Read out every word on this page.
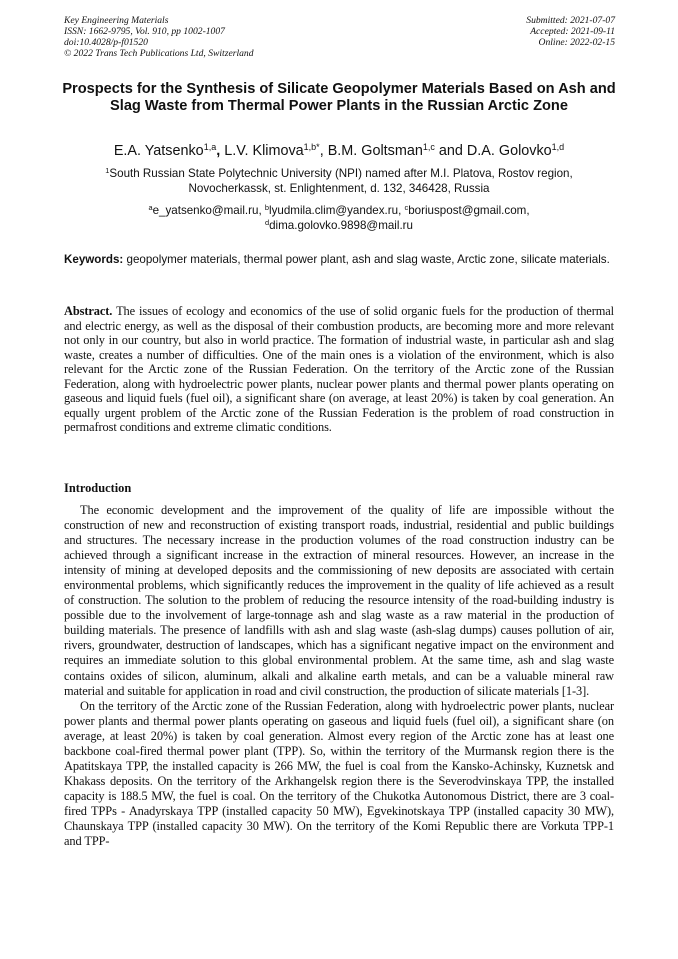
Key Engineering Materials
ISSN: 1662-9795, Vol. 910, pp 1002-1007
doi:10.4028/p-f01520
© 2022 Trans Tech Publications Ltd, Switzerland
Submitted: 2021-07-07
Accepted: 2021-09-11
Online: 2022-02-15
Prospects for the Synthesis of Silicate Geopolymer Materials Based on Ash and Slag Waste from Thermal Power Plants in the Russian Arctic Zone
E.A. Yatsenko$^{1,a}$, L.V. Klimova$^{1,b*}$, B.M. Goltsman$^{1,c}$ and D.A. Golovko$^{1,d}$
$^1$South Russian State Polytechnic University (NPI) named after M.I. Platova, Rostov region, Novocherkassk, st. Enlightenment, d. 132, 346428, Russia
$^a$e_yatsenko@mail.ru, $^b$lyudmila.clim@yandex.ru, $^c$boriuspost@gmail.com,
$^d$dima.golovko.9898@mail.ru
Keywords: geopolymer materials, thermal power plant, ash and slag waste, Arctic zone, silicate materials.
Abstract. The issues of ecology and economics of the use of solid organic fuels for the production of thermal and electric energy, as well as the disposal of their combustion products, are becoming more and more relevant not only in our country, but also in world practice. The formation of industrial waste, in particular ash and slag waste, creates a number of difficulties. One of the main ones is a violation of the environment, which is also relevant for the Arctic zone of the Russian Federation. On the territory of the Arctic zone of the Russian Federation, along with hydroelectric power plants, nuclear power plants and thermal power plants operating on gaseous and liquid fuels (fuel oil), a significant share (on average, at least 20%) is taken by coal generation. An equally urgent problem of the Arctic zone of the Russian Federation is the problem of road construction in permafrost conditions and extreme climatic conditions.
Introduction

The economic development and the improvement of the quality of life are impossible without the construction of new and reconstruction of existing transport roads, industrial, residential and public buildings and structures. The necessary increase in the production volumes of the road construction industry can be achieved through a significant increase in the extraction of mineral resources. However, an increase in the intensity of mining at developed deposits and the commissioning of new deposits are associated with certain environmental problems, which significantly reduces the improvement in the quality of life achieved as a result of construction. The solution to the problem of reducing the resource intensity of the road-building industry is possible due to the involvement of large-tonnage ash and slag waste as a raw material in the production of building materials. The presence of landfills with ash and slag waste (ash-slag dumps) causes pollution of air, rivers, groundwater, destruction of landscapes, which has a significant negative impact on the environment and requires an immediate solution to this global environmental problem. At the same time, ash and slag waste contains oxides of silicon, aluminum, alkali and alkaline earth metals, and can be a valuable mineral raw material and suitable for application in road and civil construction, the production of silicate materials [1-3].

On the territory of the Arctic zone of the Russian Federation, along with hydroelectric power plants, nuclear power plants and thermal power plants operating on gaseous and liquid fuels (fuel oil), a significant share (on average, at least 20%) is taken by coal generation. Almost every region of the Arctic zone has at least one backbone coal-fired thermal power plant (TPP). So, within the territory of the Murmansk region there is the Apatitskaya TPP, the installed capacity is 266 MW, the fuel is coal from the Kansko-Achinsky, Kuznetsk and Khakass deposits. On the territory of the Arkhangelsk region there is the Severodvinskaya TPP, the installed capacity is 188.5 MW, the fuel is coal. On the territory of the Chukotka Autonomous District, there are 3 coal-fired TPPs - Anadyrskaya TPP (installed capacity 50 MW), Egvekinotskaya TPP (installed capacity 30 MW), Chaunskaya TPP (installed capacity 30 MW). On the territory of the Komi Republic there are Vorkuta TPP-1 and TPP-
